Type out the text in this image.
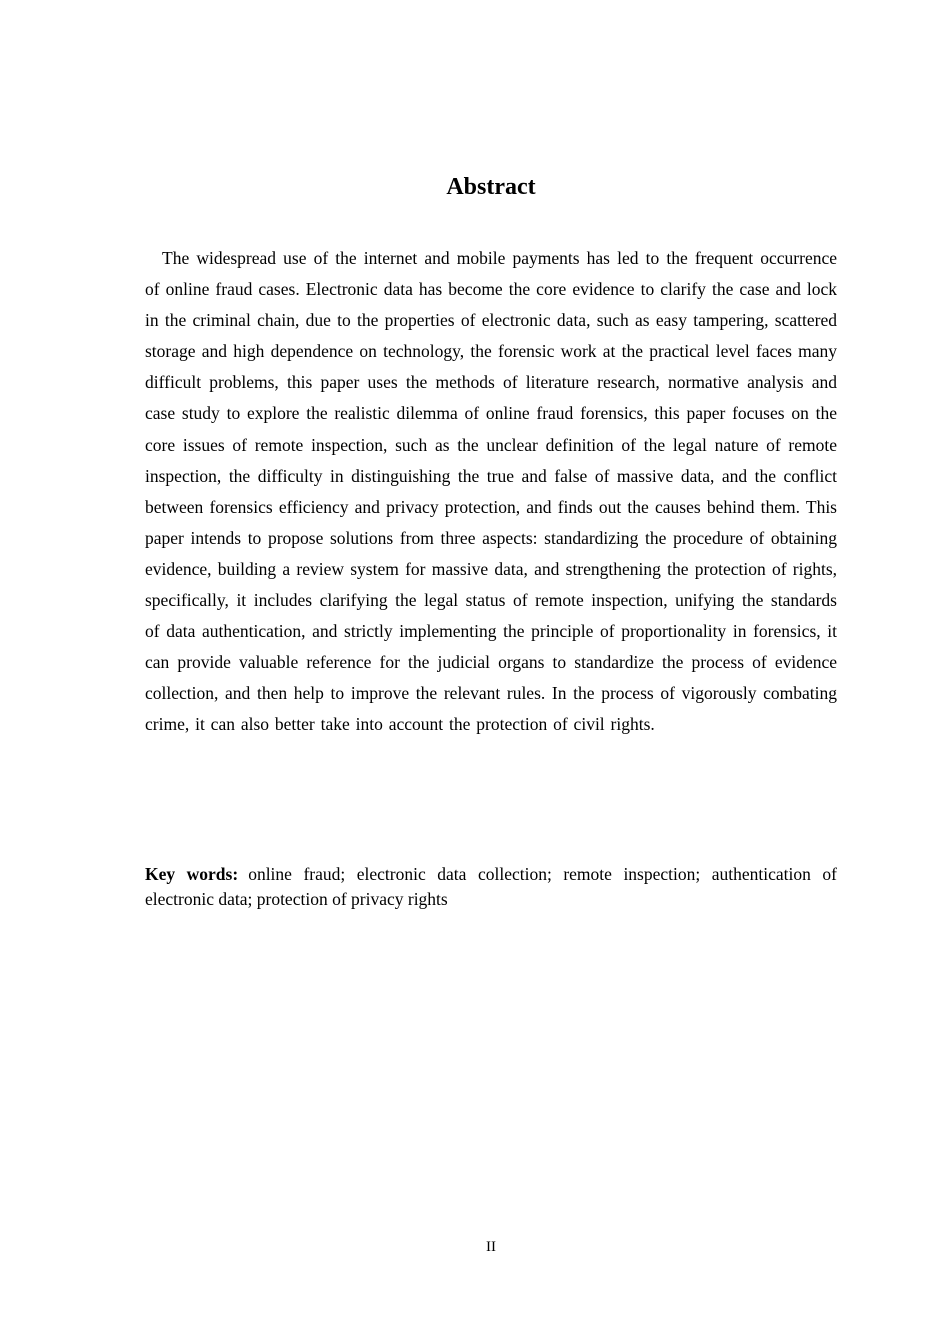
Abstract

The widespread use of the internet and mobile payments has led to the frequent occurrence of online fraud cases. Electronic data has become the core evidence to clarify the case and lock in the criminal chain, due to the properties of electronic data, such as easy tampering, scattered storage and high dependence on technology, the forensic work at the practical level faces many difficult problems, this paper uses the methods of literature research, normative analysis and case study to explore the realistic dilemma of online fraud forensics, this paper focuses on the core issues of remote inspection, such as the unclear definition of the legal nature of remote inspection, the difficulty in distinguishing the true and false of massive data, and the conflict between forensics efficiency and privacy protection, and finds out the causes behind them. This paper intends to propose solutions from three aspects: standardizing the procedure of obtaining evidence, building a review system for massive data, and strengthening the protection of rights, specifically, it includes clarifying the legal status of remote inspection, unifying the standards of data authentication, and strictly implementing the principle of proportionality in forensics, it can provide valuable reference for the judicial organs to standardize the process of evidence collection, and then help to improve the relevant rules. In the process of vigorously combating crime, it can also better take into account the protection of civil rights.

Key words: online fraud; electronic data collection; remote inspection; authentication of electronic data; protection of privacy rights

II
